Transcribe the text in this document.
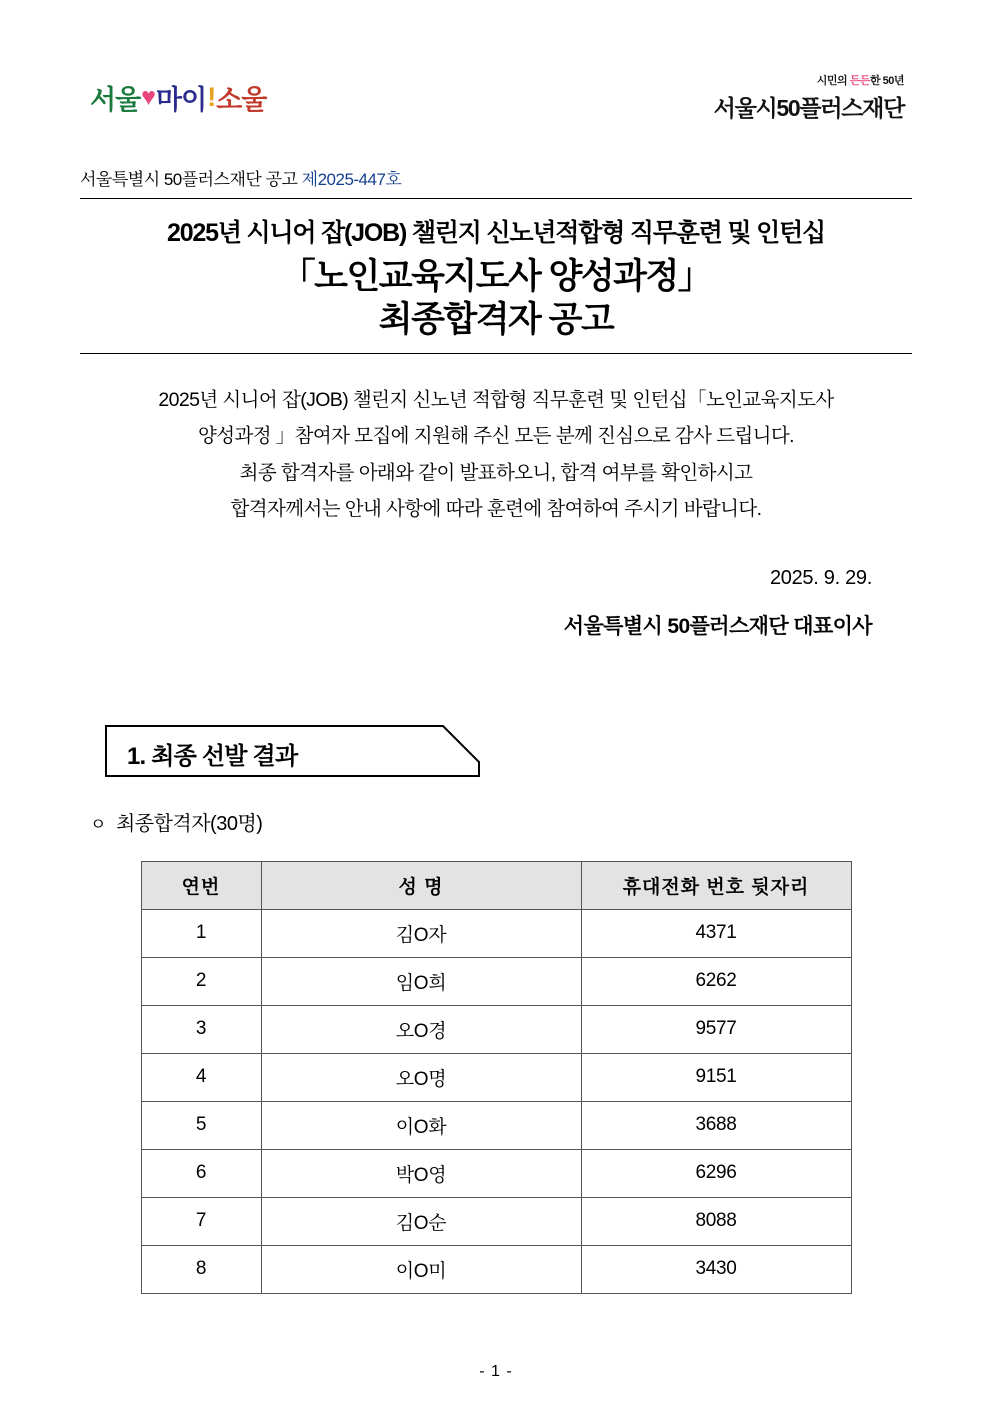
서울 ♥ 마이 ! 소울
시민의 든든한 50년
서울시50플러스재단
서울특별시 50플러스재단 공고 제2025-447호
2025년 시니어 잡(JOB) 챌린지 신노년적합형 직무훈련 및 인턴십
「노인교육지도사 양성과정」
최종합격자 공고
2025년 시니어 잡(JOB) 챌린지 신노년 적합형 직무훈련 및 인턴십「노인교육지도사
양성과정 」참여자 모집에 지원해 주신 모든 분께 진심으로 감사 드립니다.
최종 합격자를 아래와 같이 발표하오니, 합격 여부를 확인하시고
합격자께서는 안내 사항에 따라 훈련에 참여하여 주시기 바랍니다.
2025. 9. 29.
서울특별시 50플러스재단 대표이사
1. 최종 선발 결과
ㅇ 최종합격자(30명)
연번	성 명	휴대전화 번호 뒷자리
1	김O자	4371
2	임O희	6262
3	오O경	9577
4	오O명	9151
5	이O화	3688
6	박O영	6296
7	김O순	8088
8	이O미	3430
- 1 -
